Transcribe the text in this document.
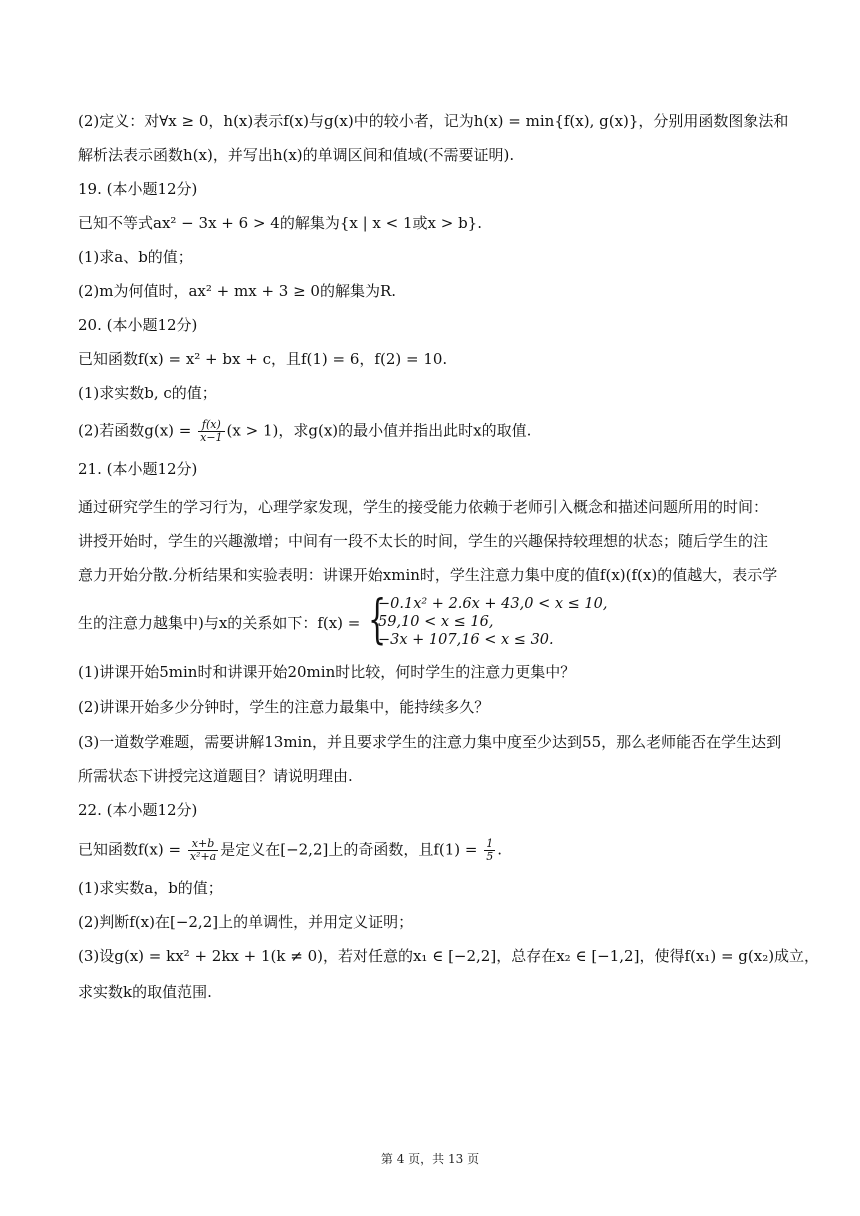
(2)定义：对∀x ≥ 0，h(x)表示f(x)与g(x)中的较小者，记为h(x) = min{f(x), g(x)}，分别用函数图象法和
解析法表示函数h(x)，并写出h(x)的单调区间和值域(不需要证明).
19. (本小题12分)
已知不等式ax² − 3x + 6 > 4的解集为{x | x < 1或x > b}.
(1)求a、b的值；
(2)m为何值时，ax² + mx + 3 ≥ 0的解集为R.
20. (本小题12分)
已知函数f(x) = x² + bx + c，且f(1) = 6，f(2) = 10.
(1)求实数b, c的值；
(2)若函数$g(x) = \frac{f(x)}{x-1} (x > 1)$，求g(x)的最小值并指出此时x的取值.
21. (本小题12分)
通过研究学生的学习行为，心理学家发现，学生的接受能力依赖于老师引入概念和描述问题所用的时间：
讲授开始时，学生的兴趣激增；中间有一段不太长的时间，学生的兴趣保持较理想的状态；随后学生的注
意力开始分散.分析结果和实验表明：讲课开始xmin时，学生注意力集中度的值f(x)(f(x)的值越大，表示学
生的注意力越集中)与x的关系如下：f(x) = {
−0.1x² + 2.6x + 43,0 < x ≤ 10,
59,10 < x ≤ 16,
−3x + 107,16 < x ≤ 30.
(1)讲课开始5min时和讲课开始20min时比较，何时学生的注意力更集中？
(2)讲课开始多少分钟时，学生的注意力最集中，能持续多久？
(3)一道数学难题，需要讲解13min，并且要求学生的注意力集中度至少达到55，那么老师能否在学生达到
所需状态下讲授完这道题目？请说明理由.
22. (本小题12分)
已知函数$f(x) = \frac{x+b}{\text{x²+a}}$ 是定义在[−2,2]上的奇函数，且$f(1) = \frac{1}{5}$ .
(1)求实数a，b的值；
(2)判断f(x)在[−2,2]上的单调性，并用定义证明；
(3)设g(x) = kx² + 2kx + 1(k ≠ 0)，若对任意的x₁ ∈ [−2,2]，总存在x₂ ∈ [−1,2]，使得f(x₁) = g(x₂)成立，
求实数k的取值范围.
第 4 页，共 13 页
